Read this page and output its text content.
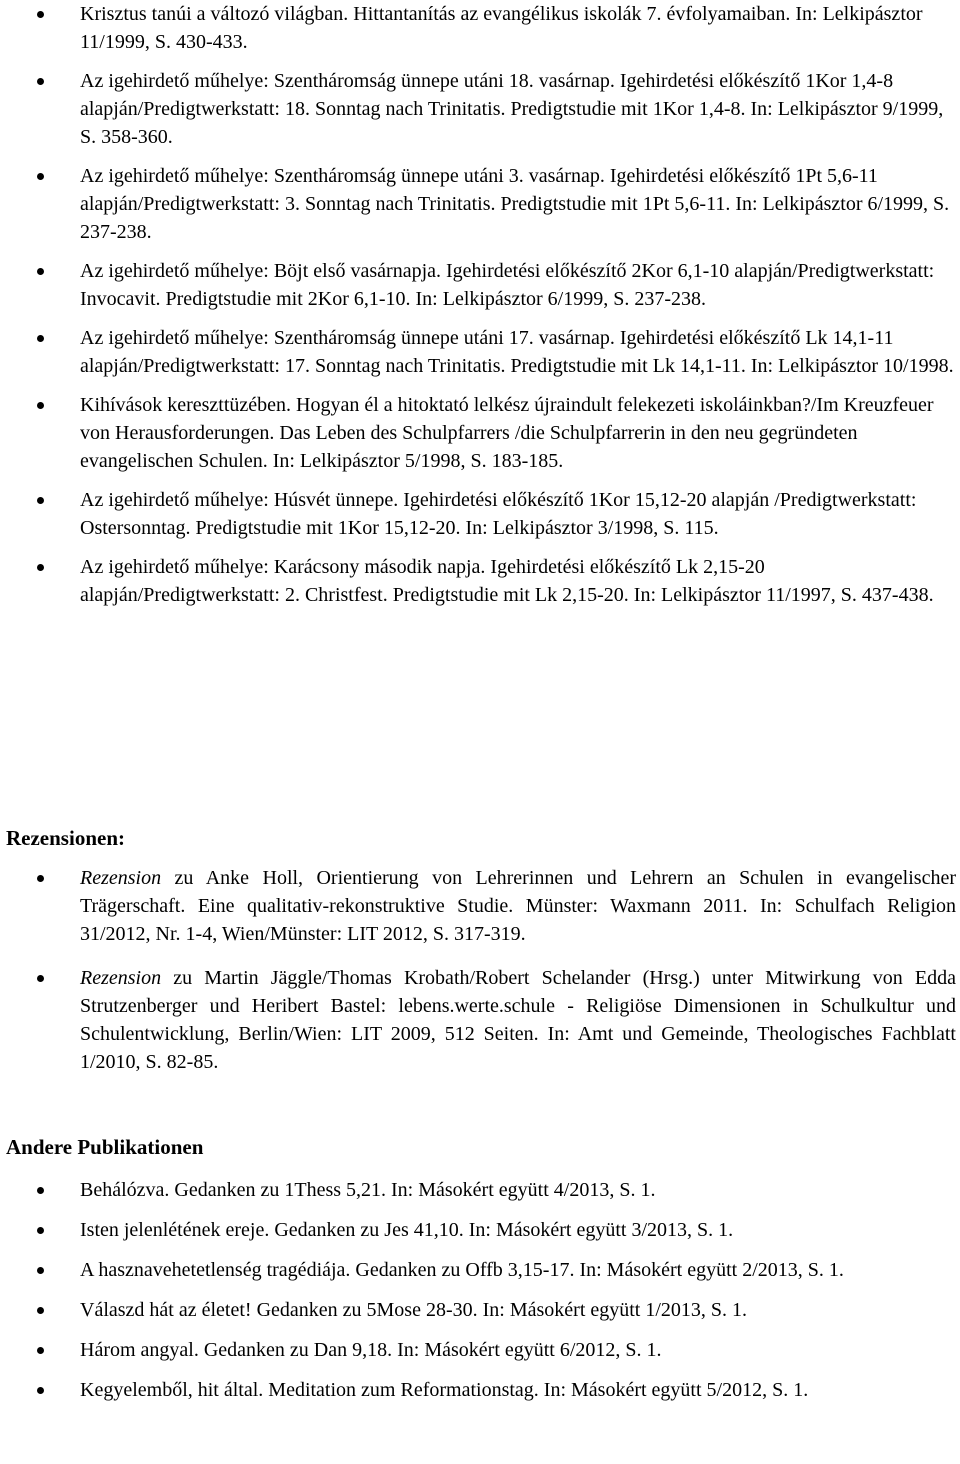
Krisztus tanúi a változó világban. Hittantanítás az evangélikus iskolák 7. évfolyamaiban. In: Lelkipásztor 11/1999, S. 430-433.
Az igehirdető műhelye: Szentháromság ünnepe utáni 18. vasárnap. Igehirdetési előkészítő 1Kor 1,4-8 alapján/Predigtwerkstatt: 18. Sonntag nach Trinitatis. Predigtstudie mit 1Kor 1,4-8. In: Lelkipásztor 9/1999, S. 358-360.
Az igehirdető műhelye: Szentháromság ünnepe utáni 3. vasárnap. Igehirdetési előkészítő 1Pt 5,6-11 alapján/Predigtwerkstatt: 3. Sonntag nach Trinitatis. Predigtstudie mit 1Pt 5,6-11. In: Lelkipásztor 6/1999, S. 237-238.
Az igehirdető műhelye: Böjt első vasárnapja. Igehirdetési előkészítő 2Kor 6,1-10 alapján/Predigtwerkstatt: Invocavit. Predigtstudie mit 2Kor 6,1-10. In: Lelkipásztor 6/1999, S. 237-238.
Az igehirdető műhelye: Szentháromság ünnepe utáni 17. vasárnap. Igehirdetési előkészítő Lk 14,1-11 alapján/Predigtwerkstatt: 17. Sonntag nach Trinitatis. Predigtstudie mit Lk 14,1-11. In: Lelkipásztor 10/1998.
Kihívások kereszttüzében. Hogyan él a hitoktató lelkész újraindult felekezeti iskoláinkban?/Im Kreuzfeuer von Herausforderungen. Das Leben des Schulpfarrers /die Schulpfarrerin in den neu gegründeten evangelischen Schulen. In: Lelkipásztor 5/1998, S. 183-185.
Az igehirdető műhelye: Húsvét ünnepe. Igehirdetési előkészítő 1Kor 15,12-20 alapján /Predigtwerkstatt: Ostersonntag. Predigtstudie mit 1Kor 15,12-20. In: Lelkipásztor 3/1998, S. 115.
Az igehirdető műhelye: Karácsony második napja. Igehirdetési előkészítő Lk 2,15-20 alapján/Predigtwerkstatt: 2. Christfest. Predigtstudie mit Lk 2,15-20. In: Lelkipásztor 11/1997, S. 437-438.
Rezensionen:
Rezension zu Anke Holl, Orientierung von Lehrerinnen und Lehrern an Schulen in evangelischer Trägerschaft. Eine qualitativ-rekonstruktive Studie. Münster: Waxmann 2011. In: Schulfach Religion 31/2012, Nr. 1-4, Wien/Münster: LIT 2012, S. 317-319.
Rezension zu Martin Jäggle/Thomas Krobath/Robert Schelander (Hrsg.) unter Mitwirkung von Edda Strutzenberger und Heribert Bastel: lebens.werte.schule - Religiöse Dimensionen in Schulkultur und Schulentwicklung, Berlin/Wien: LIT 2009, 512 Seiten. In: Amt und Gemeinde, Theologisches Fachblatt 1/2010, S. 82-85.
Andere Publikationen
Behálózva. Gedanken zu 1Thess 5,21. In: Másokért együtt 4/2013, S. 1.
Isten jelenlétének ereje. Gedanken zu Jes 41,10. In: Másokért együtt 3/2013, S. 1.
A hasznavehetetlenség tragédiája. Gedanken zu Offb 3,15-17. In: Másokért együtt 2/2013, S. 1.
Válaszd hát az életet! Gedanken zu 5Mose 28-30. In: Másokért együtt 1/2013, S. 1.
Három angyal. Gedanken zu Dan 9,18. In: Másokért együtt 6/2012, S. 1.
Kegyelemből, hit által. Meditation zum Reformationstag. In: Másokért együtt 5/2012, S. 1.
